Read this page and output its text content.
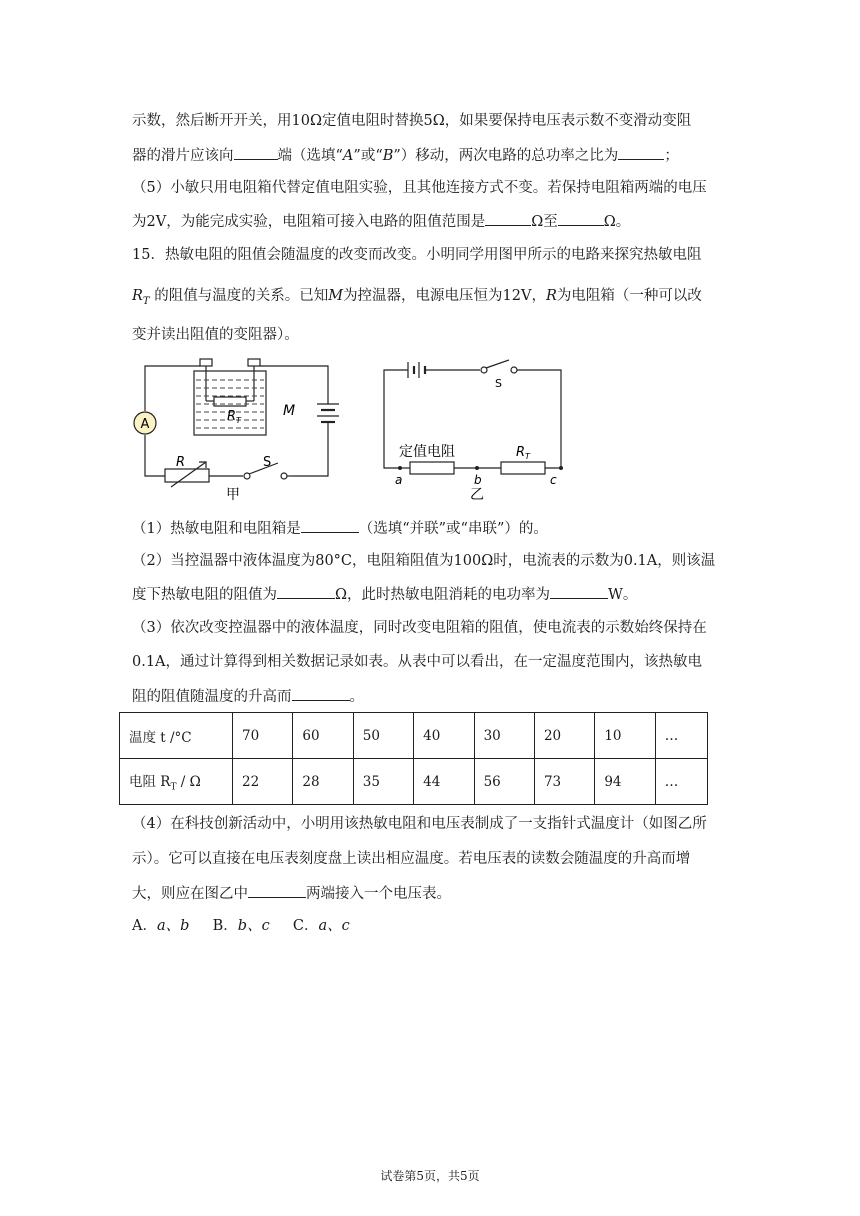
示数，然后断开开关，用10Ω定值电阻时替换5Ω，如果要保持电压表示数不变滑动变阻
器的滑片应该向	端（选填“A”或“B”）移动，两次电路的总功率之比为	；
（5）小敏只用电阻箱代替定值电阻实验，且其他连接方式不变。若保持电阻箱两端的电压
为2V，为能完成实验，电阻箱可接入电路的阻值范围是	Ω至	Ω。
15．热敏电阻的阻值会随温度的改变而改变。小明同学用图甲所示的电路来探究热敏电阻
$R_T$ 的阻值与温度的关系。已知M为控温器，电源电压恒为12V，R为电阻箱（一种可以改
变并读出阻值的变阻器）。
A
$R_T$
M
R	S
甲
S
定值电阻	$R_T$
a	b	c
乙
（1）热敏电阻和电阻箱是	（选填“并联”或“串联”）的。
（2）当控温器中液体温度为80°C，电阻箱阻值为100Ω时，电流表的示数为0.1A，则该温
度下热敏电阻的阻值为	Ω，此时热敏电阻消耗的电功率为	W。
（3）依次改变控温器中的液体温度，同时改变电阻箱的阻值，使电流表的示数始终保持在
0.1A，通过计算得到相关数据记录如表。从表中可以看出，在一定温度范围内，该热敏电
阻的阻值随温度的升高而	。
温度 t /°C	70	60	50	40	30	20	10	…
电阻 $R_T$ / Ω	22	28	35	44	56	73	94	…
（4）在科技创新活动中，小明用该热敏电阻和电压表制成了一支指针式温度计（如图乙所
示）。它可以直接在电压表刻度盘上读出相应温度。若电压表的读数会随温度的升高而增
大，则应在图乙中	两端接入一个电压表。
A．a、b B．b、c C．a、c
试卷第5页，共5页
